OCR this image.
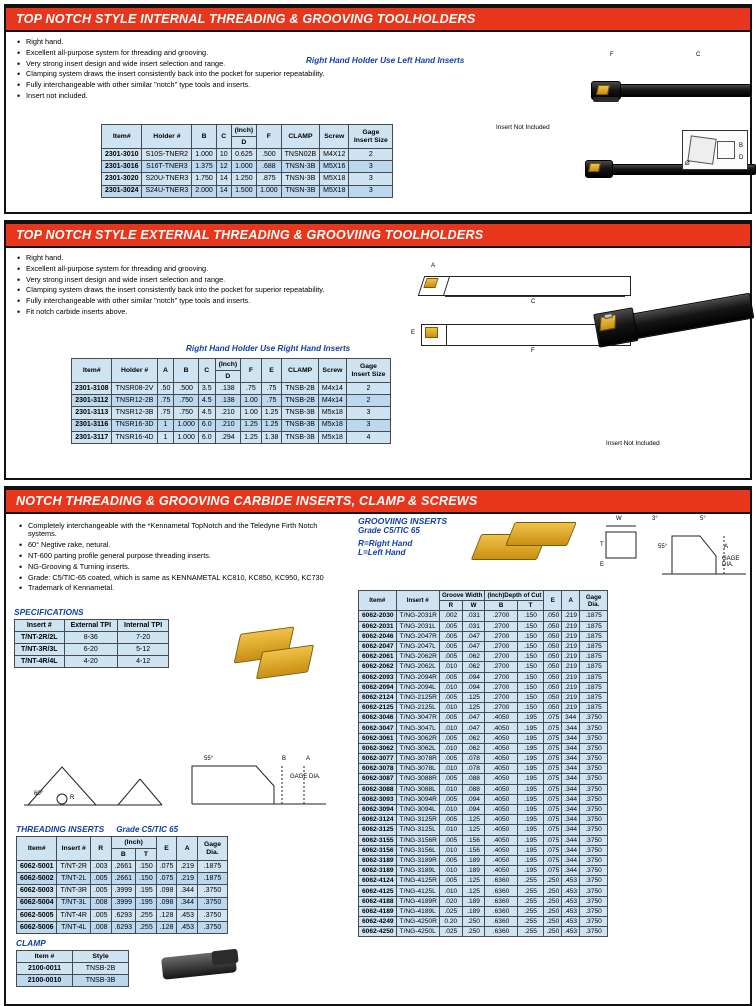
TOP NOTCH STYLE INTERNAL THREADING & GROOVING TOOLHOLDERS
• Right hand.
• Excellent all-purpose system for threading and grooving.
• Very strong insert design and wide insert selection and range.
• Clamping system draws the insert consistently back into the pocket for superior repeatability.
• Fully interchangeable with other similar "notch" type tools and inserts.
• Insert not included.
Right Hand Holder Use Left Hand Inserts
Insert Not Included
B
D
Ø
C
F
Item#	Holder #	B	C	(Inch)	F	CLAMP	Screw	Gage Insert Size
				D				
2301-3010	S10S-TNER2	1.000	10	0.625	.500	TNSN02B	M4X12	2
2301-3016	S16T-TNER3	1.375	12	1.000	.688	TNSN-3B	M5X16	3
2301-3020	S20U-TNER3	1.750	14	1.250	.875	TNSN-3B	M5X18	3
2301-3024	S24U-TNER3	2.000	14	1.500	1.000	TNSN-3B	M5X18	3
TOP NOTCH STYLE EXTERNAL THREADING & GROOVIING TOOLHOLDERS
• Right hand.
• Excellent all-purpose system for threading and grooving.
• Very strong insert design and wide insert selection and range.
• Clamping system draws the insert consistently back into the pocket for superior repeatability.
• Fully interchangeable with other similar "notch" type tools and inserts.
• Fit notch carbide inserts above.
Right Hand Holder Use Right Hand Inserts
A
C
E
F
Insert Not Included
Item#	Holder #	A	B	C	(Inch)	F	E	CLAMP	Screw	Gage Insert Size
					D					
2301-3108	TNSR08-2V	.50	.500	3.5	.138	.75	.75	TNSB-2B	M4x14	2
2301-3112	TNSR12-2B	.75	.750	4.5	.138	1.00	.75	TNSB-2B	M4x14	2
2301-3113	TNSR12-3B	.75	.750	4.5	.210	1.00	1.25	TNSB-3B	M5x18	3
2301-3116	TNSR16-3D	1	1.000	6.0	.210	1.25	1.25	TNSB-3B	M5x18	3
2301-3117	TNSR16-4D	1	1.000	6.0	.294	1.25	1.38	TNSB-3B	M5x18	4
NOTCH THREADING & GROOVING CARBIDE INSERTS, CLAMP & SCREWS
• Completely interchangeable with the *Kennametal TopNotch and the Teledyne Firth Notch systems.
• 60° Negtive rake, netural.
• NT-600 parting profile general purpose threading inserts.
• NG-Grooving & Turning inserts.
• Grade: C5/TIC-65 coated, which is same as KENNAMETAL KC810, KC850, KC950, KC730
• Trademark of Kennametal.
SPECIFICATIONS
Insert #	External TPI	Internal TPI
T/NT-2R/2L	8-36	7-20
T/NT-3R/3L	6-20	5-12
T/NT-4R/4L	4-20	4-12
60°
R
55°	B	A
GAGE DIA.
THREADING INSERTS Grade C5/TIC 65
Item#	Insert #	R	(Inch)		E	A	Gage Dia.
			B	T			
6062-5001	T/NT-2R	.003	.2661	.150	.075	.219	.1875
6062-5002	T/NT-2L	.005	.2661	.150	.075	.219	.1875
6062-5003	T/NT-3R	.005	.3999	.195	.098	.344	.3750
6062-5004	T/NT-3L	.008	.3999	.195	.098	.344	.3750
6062-5005	T/NT-4R	.005	.6293	.255	.128	.453	.3750
6062-5006	T/NT-4L	.008	.6293	.255	.128	.453	.3750
CLAMP
Item #	Style
2100-0011	TNSB-2B
2100-0010	TNSB-3B
GROOVIING INSERTS
Grade C5/TIC 65
R=Right Hand
L=Left Hand
W	3°	5°
T
E
55°	A
GAGE DIA.
Item#	Insert #	Groove Width		(Inch)Depth of Cut		E	A	Gage Dia.
		R	W	B	T			
6062-2030	T/NG-2031R	.002	.031	.2700	.150	.050	.219	.1875
6062-2031	T/NG-2031L	.005	.031	.2700	.150	.050	.219	.1875
6062-2046	T/NG-2047R	.005	.047	.2700	.150	.050	.219	.1875
6062-2047	T/NG-2047L	.005	.047	.2700	.150	.050	.219	.1875
6062-2061	T/NG-2062R	.005	.062	.2700	.150	.050	.219	.1875
6062-2062	T/NG-2062L	.010	.062	.2700	.150	.050	.219	.1875
6062-2093	T/NG-2094R	.005	.094	.2700	.150	.050	.219	.1875
6062-2094	T/NG-2094L	.010	.094	.2700	.150	.050	.219	.1875
6062-2124	T/NG-2125R	.005	.125	.2700	.150	.050	.219	.1875
6062-2125	T/NG-2125L	.010	.125	.2700	.150	.050	.219	.1875
6062-3046	T/NG-3047R	.005	.047	.4050	.195	.075	344	.3750
6062-3047	T/NG-3047L	.010	.047	.4050	.195	.075	.344	.3750
6062-3061	T/NG-3062R	.005	.062	.4050	.195	.075	.344	.3750
6062-3062	T/NG-3062L	.010	.062	.4050	.195	.075	.344	.3750
6062-3077	T/NG-3078R	.005	.078	.4050	.195	.075	.344	.3750
6062-3078	T/NG-3078L	.010	.078	.4050	.195	.075	.344	.3750
6062-3087	T/NG-3088R	.005	.088	.4050	.195	.075	.344	.3750
6062-3088	T/NG-3088L	.010	.088	.4050	.195	.075	.344	.3750
6062-3093	T/NG-3094R	.005	.094	.4050	.195	.075	.344	.3750
6062-3094	T/NG-3094L	.010	.094	.4050	.195	.075	.344	.3750
6062-3124	T/NG-3125R	.005	.125	.4050	.195	.075	.344	.3750
6062-3125	T/NG-3125L	.010	.125	.4050	.195	.075	.344	.3750
6062-3155	T/NG-3156R	.005	.156	.4050	.195	.075	.344	.3750
6062-3156	T/NG-3156L	.010	.156	.4050	.195	.075	.344	.3750
6062-3189	T/NG-3189R	.005	.189	.4050	.195	.075	.344	.3750
6062-3189	T/NG-3189L	.010	.189	.4050	.195	.075	.344	.3750
6062-4124	T/NG-4125R	.005	.125	.6360	.255	.250	.453	.3750
6062-4125	T/NG-4125L	.010	.125	.6360	.255	.250	.453	.3750
6062-4188	T/NG-4189R	.020	.189	.6360	.255	.250	.453	.3750
6062-4189	T/NG-4189L	.025	.189	.6360	.255	.250	.453	.3750
6062-4249	T/NG-4250R	0.20	.250	.6360	.255	.250	.453	.3750
6062-4250	T/NG-4250L	.025	.250	.6360	.255	.250	.453	.3750
